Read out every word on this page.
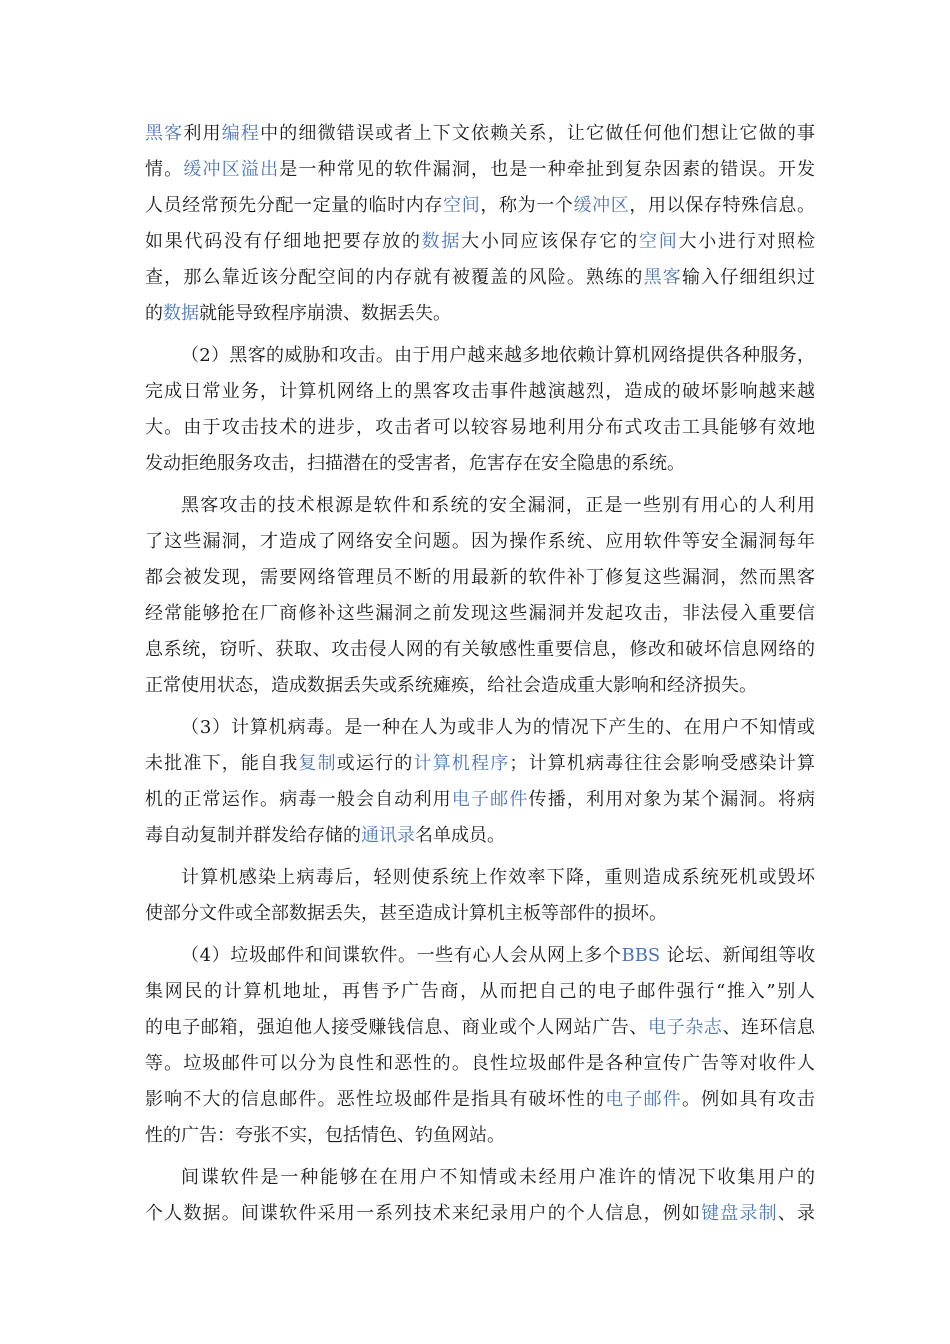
黑客利用编程中的细微错误或者上下文依赖关系，让它做任何他们想让它做的事
情。缓冲区溢出是一种常见的软件漏洞，也是一种牵扯到复杂因素的错误。开发
人员经常预先分配一定量的临时内存空间，称为一个缓冲区，用以保存特殊信息。
如果代码没有仔细地把要存放的数据大小同应该保存它的空间大小进行对照检
查，那么靠近该分配空间的内存就有被覆盖的风险。熟练的黑客输入仔细组织过
的数据就能导致程序崩溃、数据丢失。
（2）黑客的威胁和攻击。由于用户越来越多地依赖计算机网络提供各种服务，
完成日常业务，计算机网络上的黑客攻击事件越演越烈，造成的破坏影响越来越
大。由于攻击技术的进步，攻击者可以较容易地利用分布式攻击工具能够有效地
发动拒绝服务攻击，扫描潜在的受害者，危害存在安全隐患的系统。
黑客攻击的技术根源是软件和系统的安全漏洞，正是一些别有用心的人利用
了这些漏洞，才造成了网络安全问题。因为操作系统、应用软件等安全漏洞每年
都会被发现，需要网络管理员不断的用最新的软件补丁修复这些漏洞，然而黑客
经常能够抢在厂商修补这些漏洞之前发现这些漏洞并发起攻击，非法侵入重要信
息系统，窃听、获取、攻击侵人网的有关敏感性重要信息，修改和破坏信息网络的
正常使用状态，造成数据丢失或系统瘫痪，给社会造成重大影响和经济损失。
（3）计算机病毒。是一种在人为或非人为的情况下产生的、在用户不知情或
未批准下，能自我复制或运行的计算机程序；计算机病毒往往会影响受感染计算
机的正常运作。病毒一般会自动利用电子邮件传播，利用对象为某个漏洞。将病
毒自动复制并群发给存储的通讯录名单成员。
计算机感染上病毒后，轻则使系统上作效率下降，重则造成系统死机或毁坏
使部分文件或全部数据丢失，甚至造成计算机主板等部件的损坏。
（4）垃圾邮件和间谍软件。一些有心人会从网上多个BBS 论坛、新闻组等收
集网民的计算机地址，再售予广告商，从而把自己的电子邮件强行“推入”别人
的电子邮箱，强迫他人接受赚钱信息、商业或个人网站广告、电子杂志、连环信息
等。垃圾邮件可以分为良性和恶性的。良性垃圾邮件是各种宣传广告等对收件人
影响不大的信息邮件。恶性垃圾邮件是指具有破坏性的电子邮件。例如具有攻击
性的广告：夸张不实，包括情色、钓鱼网站。
间谍软件是一种能够在在用户不知情或未经用户准许的情况下收集用户的
个人数据。间谍软件采用一系列技术来纪录用户的个人信息，例如键盘录制、录
